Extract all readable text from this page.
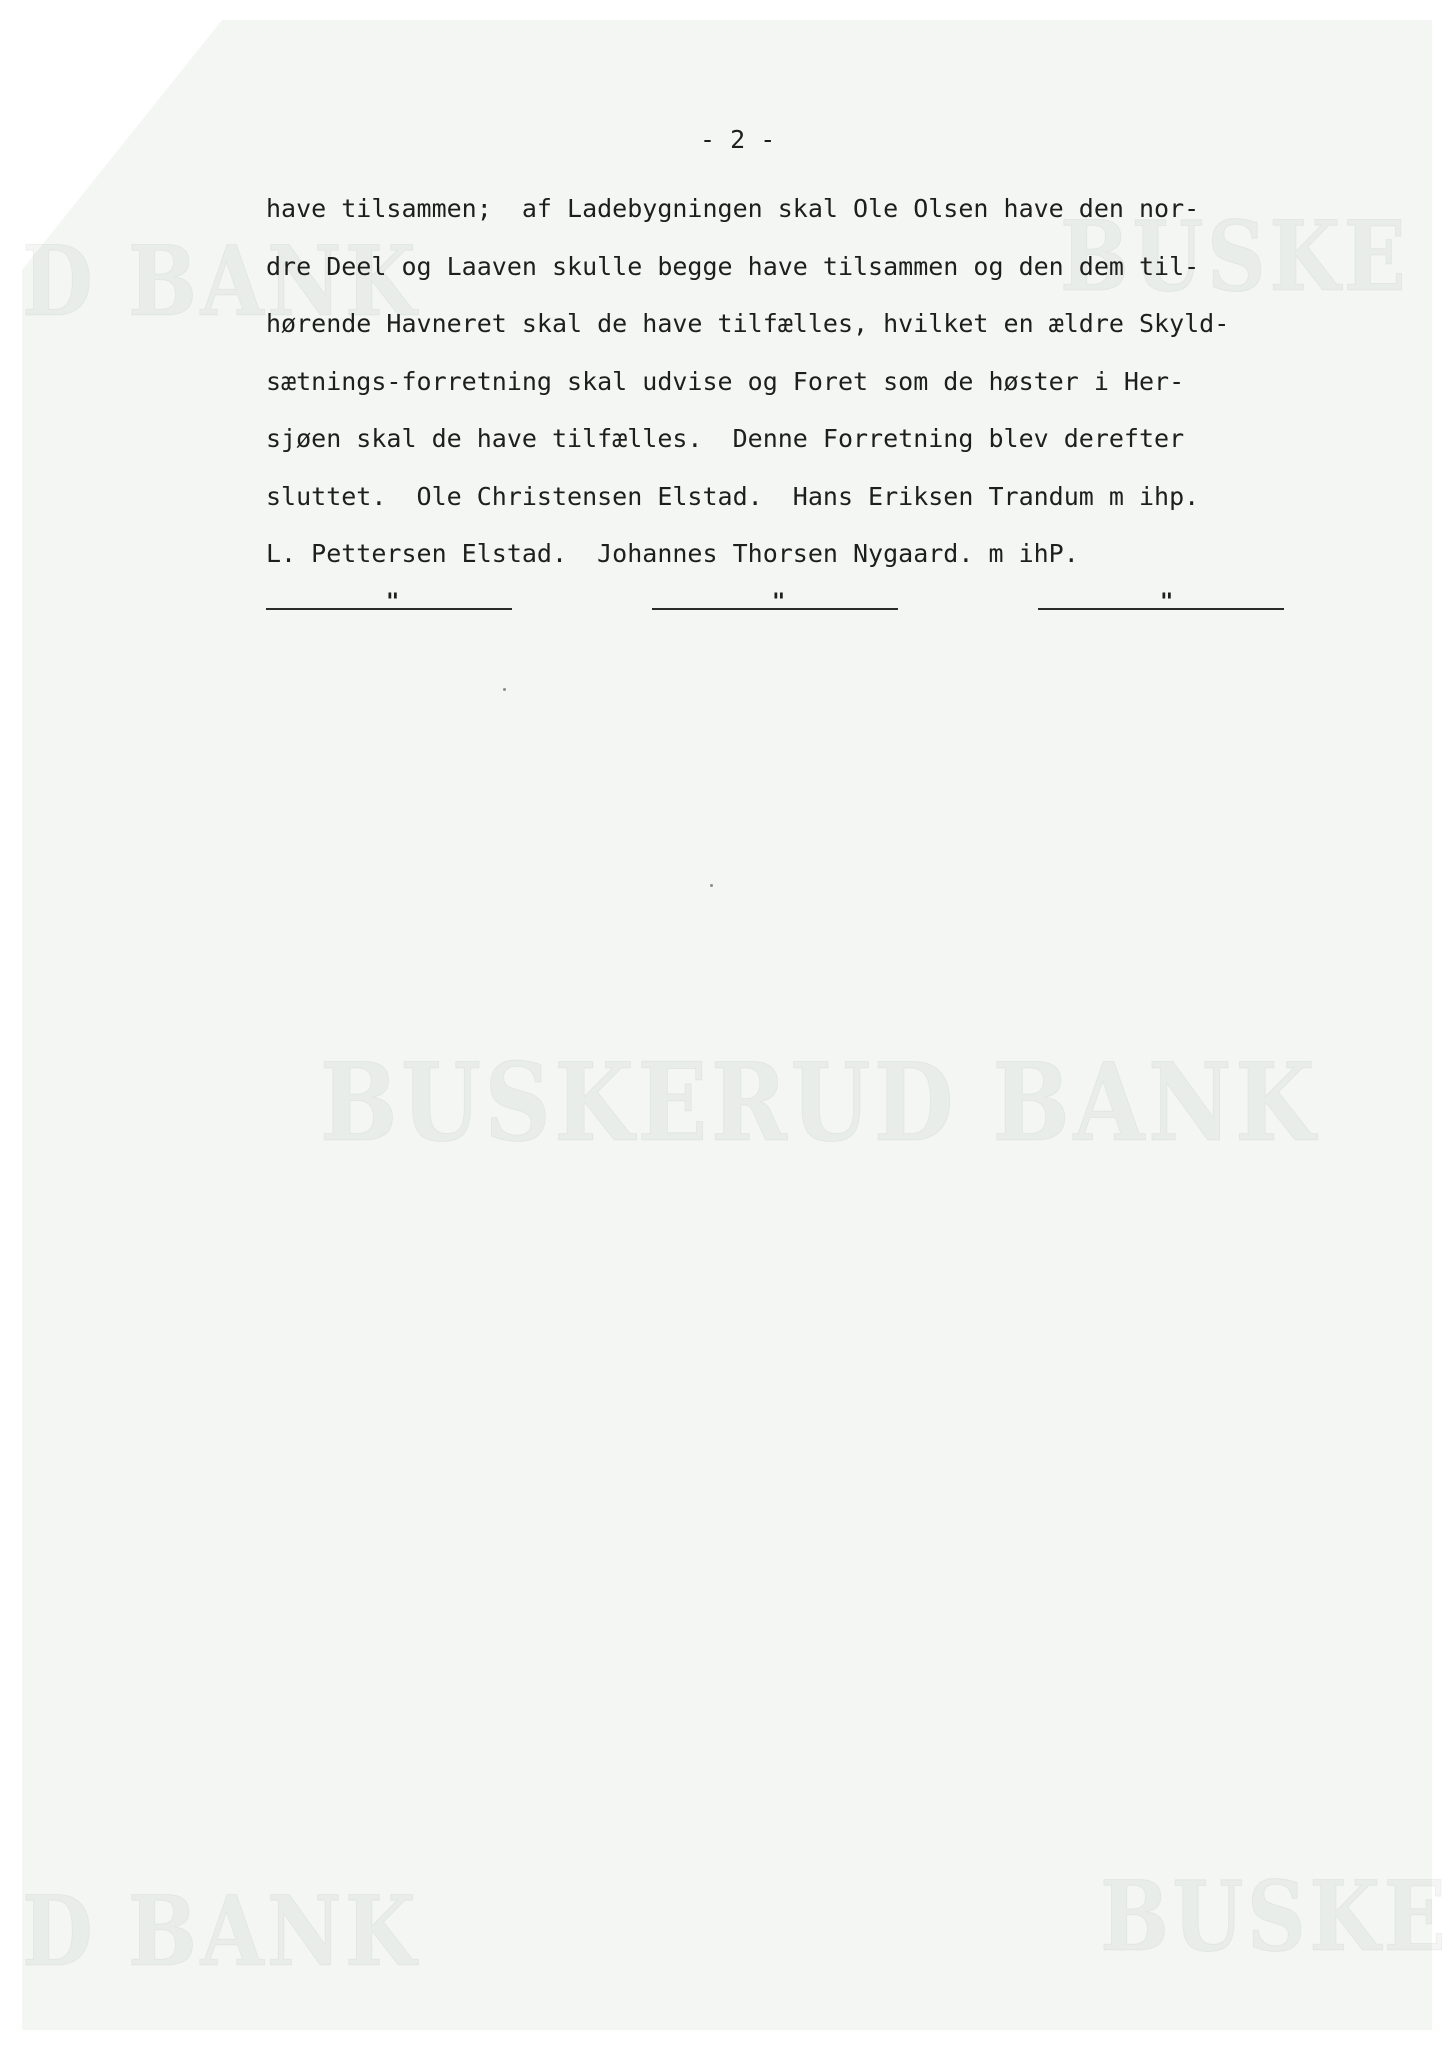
BUSKERUD BANK
D BANK	BUSKE
D BANK	BUSKE
- 2 -
have tilsammen;  af Ladebygningen skal Ole Olsen have den nor-
dre Deel og Laaven skulle begge have tilsammen og den dem til-
hørende Havneret skal de have tilfælles, hvilket en ældre Skyld-
sætnings-forretning skal udvise og Foret som de høster i Her-
sjøen skal de have tilfælles.  Denne Forretning blev derefter
sluttet.  Ole Christensen Elstad.  Hans Eriksen Trandum m ihp.
L. Pettersen Elstad.  Johannes Thorsen Nygaard. m ihP.
"	"	"
